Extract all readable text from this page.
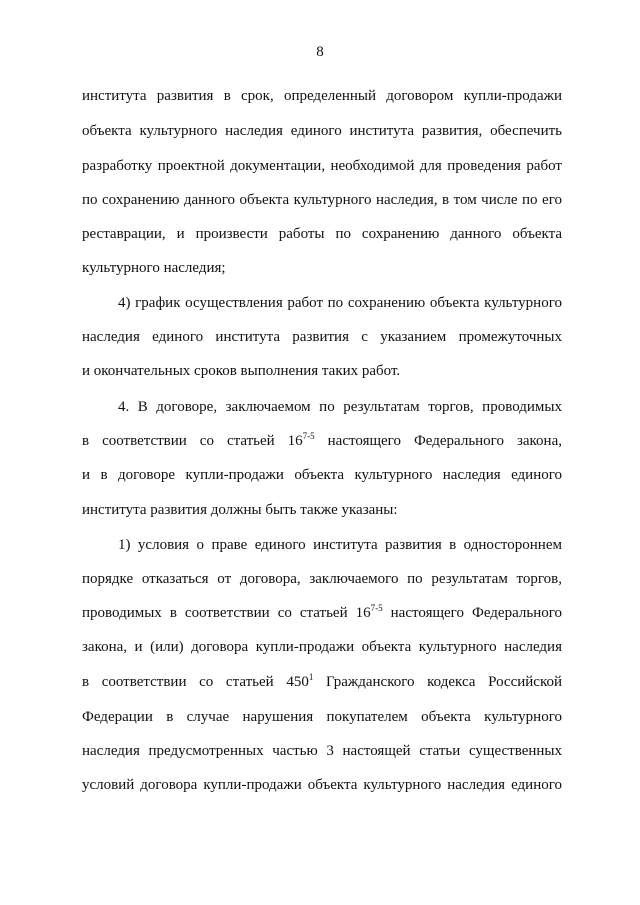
8
института развития в срок, определенный договором купли-продажи
объекта культурного наследия единого института развития, обеспечить
разработку проектной документации, необходимой для проведения работ
по сохранению данного объекта культурного наследия, в том числе по его
реставрации, и произвести работы по сохранению данного объекта
культурного наследия;
4) график осуществления работ по сохранению объекта культурного
наследия единого института развития с указанием промежуточных
и окончательных сроков выполнения таких работ.
4. В договоре, заключаемом по результатам торгов, проводимых
в соответствии со статьей 16$^{7-5}$ настоящего Федерального закона,
и в договоре купли-продажи объекта культурного наследия единого
института развития должны быть также указаны:
1) условия о праве единого института развития в одностороннем
порядке отказаться от договора, заключаемого по результатам торгов,
проводимых в соответствии со статьей 16$^{7-5}$ настоящего Федерального
закона, и (или) договора купли-продажи объекта культурного наследия
в соответствии со статьей $450^1$ Гражданского кодекса Российской
Федерации в случае нарушения покупателем объекта культурного
наследия предусмотренных частью 3 настоящей статьи существенных
условий договора купли-продажи объекта культурного наследия единого
